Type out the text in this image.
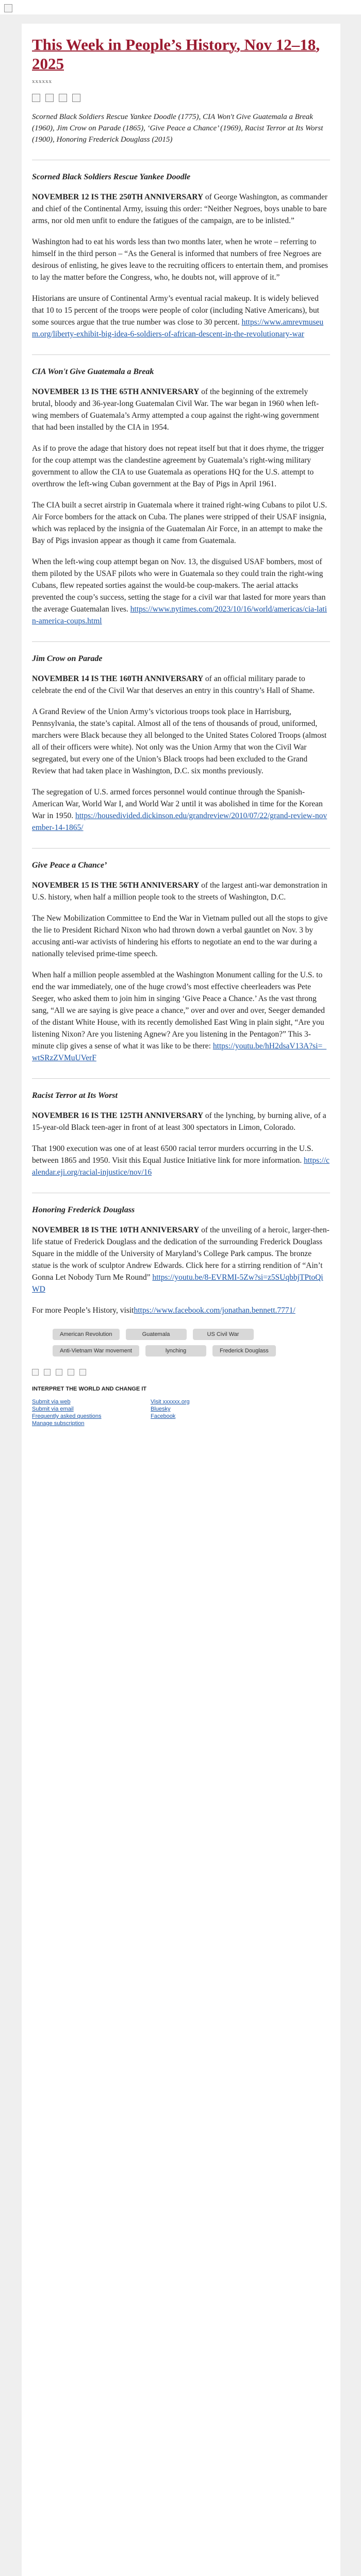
This Week in People’s History, Nov 12–18, 2025
xxxxxx
Scorned Black Soldiers Rescue Yankee Doodle (1775), CIA Won't Give Guatemala a Break (1960), Jim Crow on Parade (1865), ‘Give Peace a Chance’ (1969), Racist Terror at Its Worst (1900), Honoring Frederick Douglass (2015)
Scorned Black Soldiers Rescue Yankee Doodle

NOVEMBER 12 IS THE 250TH ANNIVERSARY of George Washington, as commander and chief of the Continental Army, issuing this order: “Neither Negroes, boys unable to bare arms, nor old men unfit to endure the fatigues of the campaign, are to be inlisted.”

Washington had to eat his words less than two months later, when he wrote – referring to himself in the third person – “As the General is informed that numbers of free Negroes are desirous of enlisting, he gives leave to the recruiting officers to entertain them, and promises to lay the matter before the Congress, who, he doubts not, will approve of it.”

Historians are unsure of Continental Army’s eventual racial makeup. It is widely believed that 10 to 15 percent of the troops were people of color (including Native Americans), but some sources argue that the true number was close to 30 percent. https://www.amrevmuseum.org/liberty-exhibit-big-idea-6-soldiers-of-african-descent-in-the-revolutionary-war

CIA Won't Give Guatemala a Break

NOVEMBER 13 IS THE 65TH ANNIVERSARY of the beginning of the extremely brutal, bloody and 36-year-long Guatemalan Civil War. The war began in 1960 when left-wing members of Guatemala’s Army attempted a coup against the right-wing government that had been installed by the CIA in 1954.

As if to prove the adage that history does not repeat itself but that it does rhyme, the trigger for the coup attempt was the clandestine agreement by Guatemala’s right-wing military government to allow the CIA to use Guatemala as operations HQ for the U.S. attempt to overthrow the left-wing Cuban government at the Bay of Pigs in April 1961.

The CIA built a secret airstrip in Guatemala where it trained right-wing Cubans to pilot U.S. Air Force bombers for the attack on Cuba. The planes were stripped of their USAF insignia, which was replaced by the insignia of the Guatemalan Air Force, in an attempt to make the Bay of Pigs invasion appear as though it came from Guatemala.

When the left-wing coup attempt began on Nov. 13, the disguised USAF bombers, most of them piloted by the USAF pilots who were in Guatemala so they could train the right-wing Cubans, flew repeated sorties against the would-be coup-makers. The aerial attacks prevented the coup’s success, setting the stage for a civil war that lasted for more years than the average Guatemalan lives. https://www.nytimes.com/2023/10/16/world/americas/cia-latin-america-coups.html

Jim Crow on Parade

NOVEMBER 14 IS THE 160TH ANNIVERSARY of an official military parade to celebrate the end of the Civil War that deserves an entry in this country’s Hall of Shame.

A Grand Review of the Union Army’s victorious troops took place in Harrisburg, Pennsylvania, the state’s capital. Almost all of the tens of thousands of proud, uniformed, marchers were Black because they all belonged to the United States Colored Troops (almost all of their officers were white). Not only was the Union Army that won the Civil War segregated, but every one of the Union’s Black troops had been excluded to the Grand Review that had taken place in Washington, D.C. six months previously.

The segregation of U.S. armed forces personnel would continue through the Spanish-American War, World War I, and World War 2 until it was abolished in time for the Korean War in 1950. https://housedivided.dickinson.edu/grandreview/2010/07/22/grand-review-november-14-1865/

Give Peace a Chance’

NOVEMBER 15 IS THE 56TH ANNIVERSARY of the largest anti-war demonstration in U.S. history, when half a million people took to the streets of Washington, D.C.

The New Mobilization Committee to End the War in Vietnam pulled out all the stops to give the lie to President Richard Nixon who had thrown down a verbal gauntlet on Nov. 3 by accusing anti-war activists of hindering his efforts to negotiate an end to the war during a nationally televised prime-time speech.

When half a million people assembled at the Washington Monument calling for the U.S. to end the war immediately, one of the huge crowd’s most effective cheerleaders was Pete Seeger, who asked them to join him in singing ‘Give Peace a Chance.’ As the vast throng sang, “All we are saying is give peace a chance,” over and over and over, Seeger demanded of the distant White House, with its recently demolished East Wing in plain sight, “Are you listening Nixon? Are you listening Agnew? Are you listening in the Pentagon?” This 3-minute clip gives a sense of what it was like to be there: https://youtu.be/hH2dsaV13A?si=_wtSRzZVMuUVerF

Racist Terror at Its Worst

NOVEMBER 16 IS THE 125TH ANNIVERSARY of the lynching, by burning alive, of a 15-year-old Black teen-ager in front of at least 300 spectators in Limon, Colorado.

That 1900 execution was one of at least 6500 racial terror murders occurring in the U.S. between 1865 and 1950. Visit this Equal Justice Initiative link for more information. https://calendar.eji.org/racial-injustice/nov/16

Honoring Frederick Douglass

NOVEMBER 18 IS THE 10TH ANNIVERSARY of the unveiling of a heroic, larger-then-life statue of Frederick Douglass and the dedication of the surrounding Frederick Douglass Square in the middle of the University of Maryland’s College Park campus. The bronze statue is the work of sculptor Andrew Edwards. Click here for a stirring rendition of “Ain’t Gonna Let Nobody Turn Me Round” https://youtu.be/8-EVRMI-5Zw?si=z5SUqbbjTPtoQiWD

For more People’s History, visithttps://www.facebook.com/jonathan.bennett.7771/

American Revolution	Guatemala	US Civil War
Anti-Vietnam War movement	lynching	Frederick Douglass
INTERPRET THE WORLD AND CHANGE IT
Submit via web
Submit via email
Frequently asked questions
Manage subscription
Visit xxxxxx.org
Bluesky
Facebook
